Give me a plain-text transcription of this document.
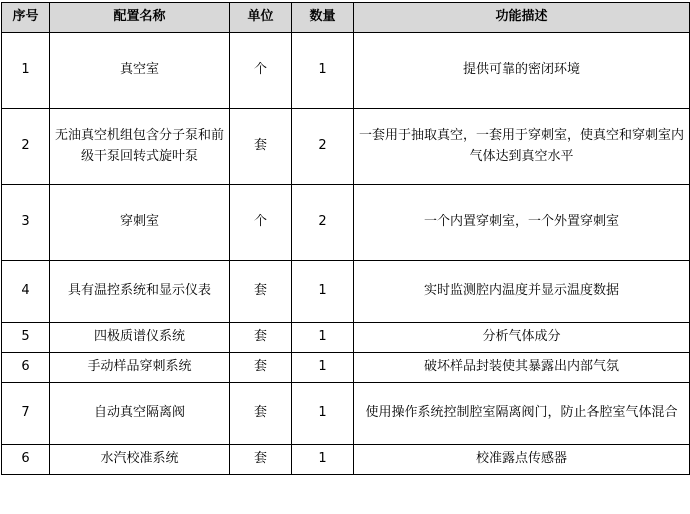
序号	配置名称	单位	数量	功能描述
1	真空室	个	1	提供可靠的密闭环境
2	无油真空机组包含分子泵和前级干泵回转式旋叶泵	套	2	一套用于抽取真空，一套用于穿刺室，使真空和穿刺室内气体达到真空水平
3	穿刺室	个	2	一个内置穿刺室，一个外置穿刺室
4	具有温控系统和显示仪表	套	1	实时监测腔内温度并显示温度数据
5	四极质谱仪系统	套	1	分析气体成分
6	手动样品穿刺系统	套	1	破坏样品封装使其暴露出内部气氛
7	自动真空隔离阀	套	1	使用操作系统控制腔室隔离阀门，防止各腔室气体混合
6	水汽校准系统	套	1	校准露点传感器
